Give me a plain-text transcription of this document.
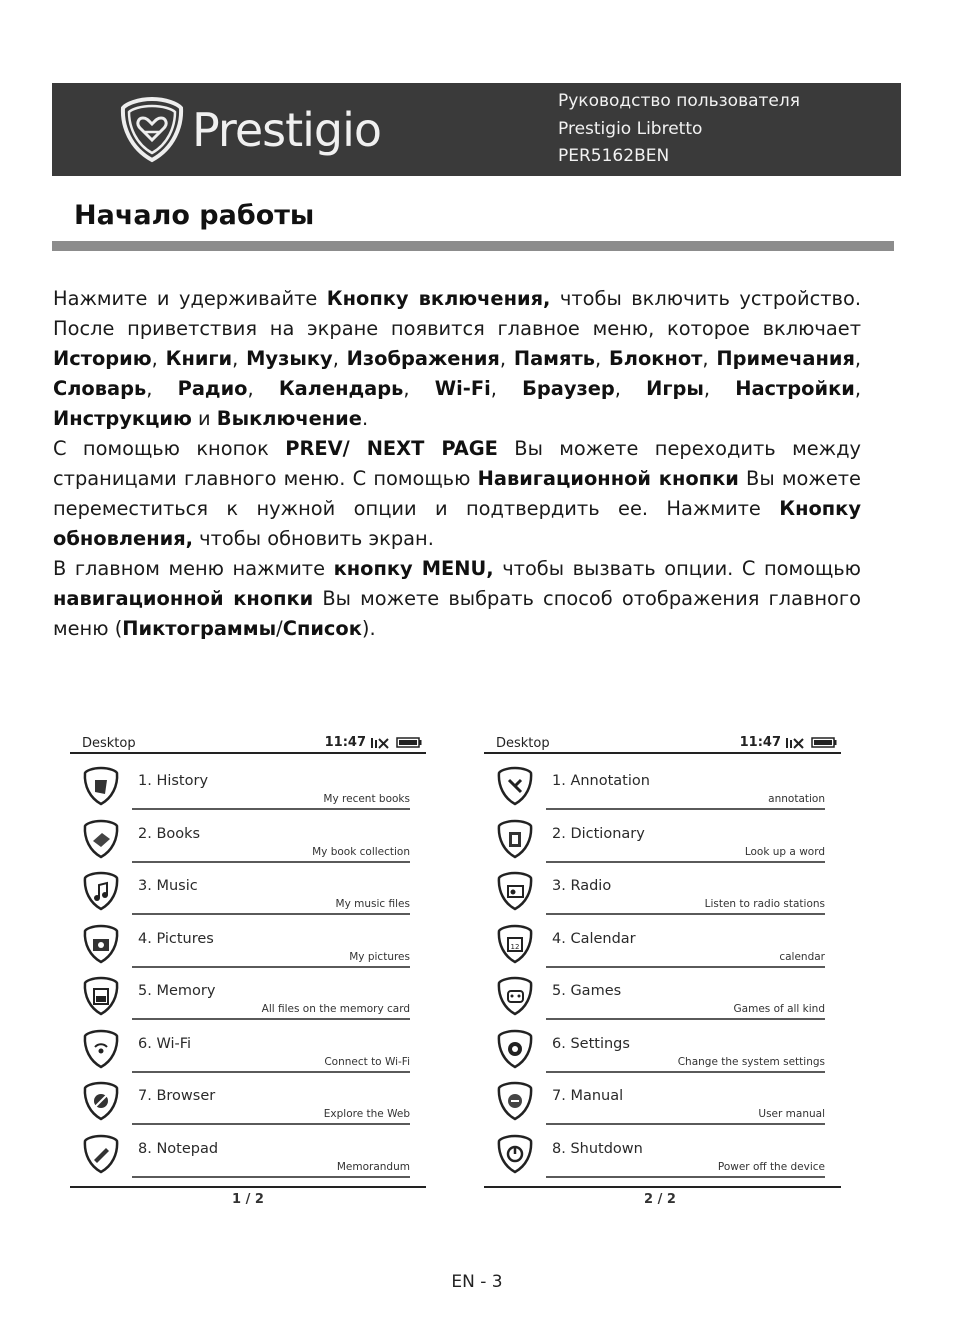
Prestigio
Руководство пользователя
Prestigio Libretto
PER5162BEN
Начало работы

Нажмите и удерживайте Кнопку включения, чтобы включить устройство. После приветствия на экране появится главное меню, которое включает Историю, Книги, Музыку, Изображения, Память, Блокнот, Примечания, Словарь, Радио, Календарь, Wi-Fi, Браузер, Игры, Настройки, Инструкцию и Выключение.

С помощью кнопок PREV/ NEXT PAGE Вы можете переходить между страницами главного меню. С помощью Навигационной кнопки Вы можете переместиться к нужной опции и подтвердить ее. Нажмите Кнопку обновления, чтобы обновить экран.

В главном меню нажмите кнопку MENU, чтобы вызвать опции. С помощью навигационной кнопки Вы можете выбрать способ отображения главного меню (Пиктограммы/Список).

Desktop	11:47
1. History
My recent books
2. Books
My book collection
3. Music
My music files
4. Pictures
My pictures
5. Memory
All files on the memory card
6. Wi-Fi
Connect to Wi-Fi
7. Browser
Explore the Web
8. Notepad
Memorandum
1 / 2
Desktop	11:47
1. Annotation
annotation
2. Dictionary
Look up a word
3. Radio
Listen to radio stations
12 4. Calendar
calendar
5. Games
Games of all kind
6. Settings
Change the system settings
7. Manual
User manual
8. Shutdown
Power off the device
2 / 2
EN - 3
